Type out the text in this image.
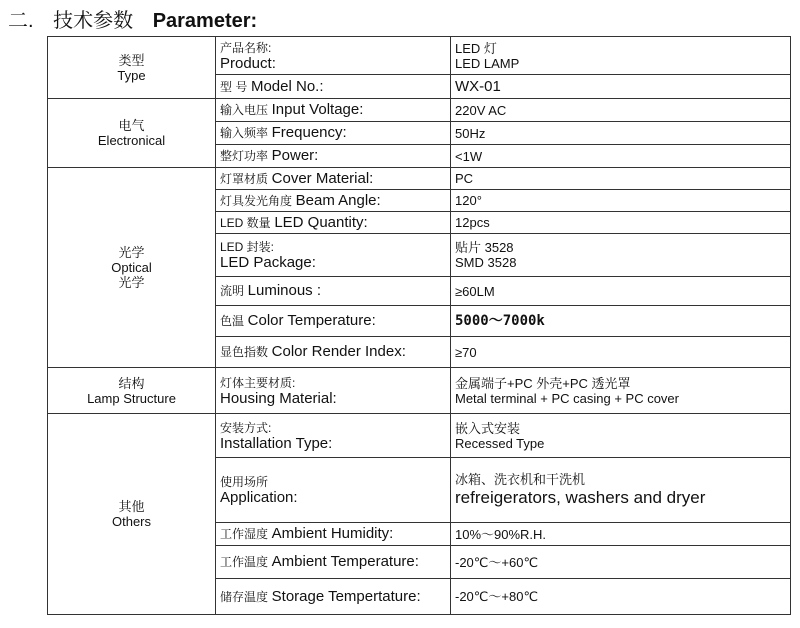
二. 技术参数 Parameter:
类型
Type	产品名称:
Product:	LED 灯
LED LAMP

	型 号 Model No.:	WX-01

电气
Electronical	输入电压 Input Voltage:	220V AC
	输入频率 Frequency:	50Hz
	整灯功率 Power:	<1W

光学
Optical
光学	灯罩材质 Cover Material:	PC
	灯具发光角度 Beam Angle:	120°
	LED 数量 LED Quantity:	12pcs

	LED 封装:
LED Package:	贴片 3528
SMD 3528

	流明 Luminous :	≥60LM
	色温 Color Temperature:	5000～7000k
	显色指数 Color Render Index:	≥70

结构
Lamp Structure	灯体主要材质:
Housing Material:	金属端子+PC 外壳+PC 透光罩
Metal terminal + PC casing + PC cover

其他
Others	安装方式:
Installation Type:	嵌入式安装
Recessed Type

	使用场所
Application:	冰箱、洗衣机和干洗机
refreigerators, washers and dryer

	工作湿度 Ambient Humidity:	10%～90%R.H.
	工作温度 Ambient Temperature:	-20℃～+60℃
	储存温度 Storage Tempertature:	-20℃～+80℃
